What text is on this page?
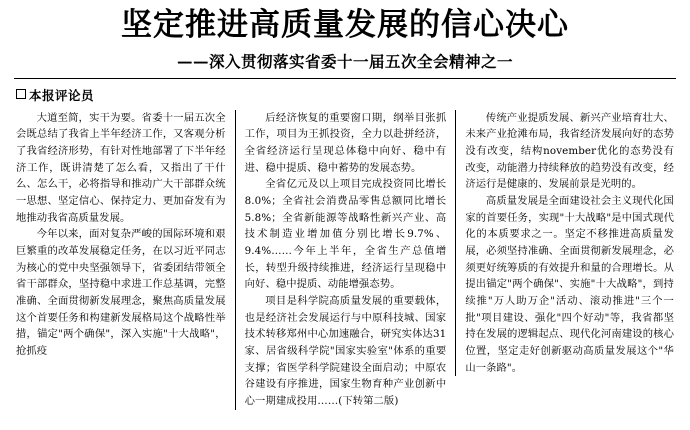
坚定推进高质量发展的信心决心
——深入贯彻落实省委十一届五次全会精神之一
本报评论员

大道至简，实干为要。省委十一届五次全会既总结了我省上半年经济工作，又客观分析了我省经济形势，有针对性地部署了下半年经济工作，既讲清楚了怎么看，又指出了干什么、怎么干，必将指导和推动广大干部群众统一思想、坚定信心、保持定力、更加奋发有为地推动我省高质量发展。

今年以来，面对复杂严峻的国际环境和艰巨繁重的改革发展稳定任务，在以习近平同志为核心的党中央坚强领导下，省委团结带领全省干部群众，坚持稳中求进工作总基调，完整准确、全面贯彻新发展理念，聚焦高质量发展这个首要任务和构建新发展格局这个战略性举措，锚定"两个确保"，深入实施"十大战略"，抢抓疫

后经济恢复的重要窗口期，纲举目张抓工作，项目为王抓投资，全力以赴拼经济，全省经济运行呈现总体稳中向好、稳中有进、稳中提质、稳中蓄势的发展态势。

全省亿元及以上项目完成投资同比增长8.0%；全省社会消费品零售总额同比增长5.8%；全省新能源等战略性新兴产业、高技术制造业增加值分别比增长9.7%、9.4%……今年上半年，全省生产总值增长，转型升级持续推进，经济运行呈现稳中向好、稳中提质、动能增强态势。

项目是科学院高质量发展的重要载体，也是经济社会发展运行与中原科技城、国家技术转移郑州中心加速融合，研究实体达31家、居省级科学院"国家实验室"体系的重要支撑；省医学科学院建设全面启动；中原农谷建设有序推进，国家生物育种产业创新中心一期建成投用……(下转第二版)

传统产业提质发展、新兴产业培育壮大、未来产业抢滩布局，我省经济发展向好的态势没有改变，结构november优化的态势没有改变，动能潜力持续释放的趋势没有改变，经济运行是健康的、发展前景是光明的。

高质量发展是全面建设社会主义现代化国家的首要任务，实现"十大战略"是中国式现代化的本质要求之一。坚定不移推进高质量发展，必须坚持准确、全面贯彻新发展理念，必须更好统筹质的有效提升和量的合理增长。从提出锚定"两个确保"、实施"十大战略"，到持续推"万人助万企"活动、滚动推进"三个一批"项目建设、强化"四个好动"等，我省都坚持在发展的逻辑起点、现代化河南建设的核心位置，坚定走好创新驱动高质量发展这个"华山一条路"。
